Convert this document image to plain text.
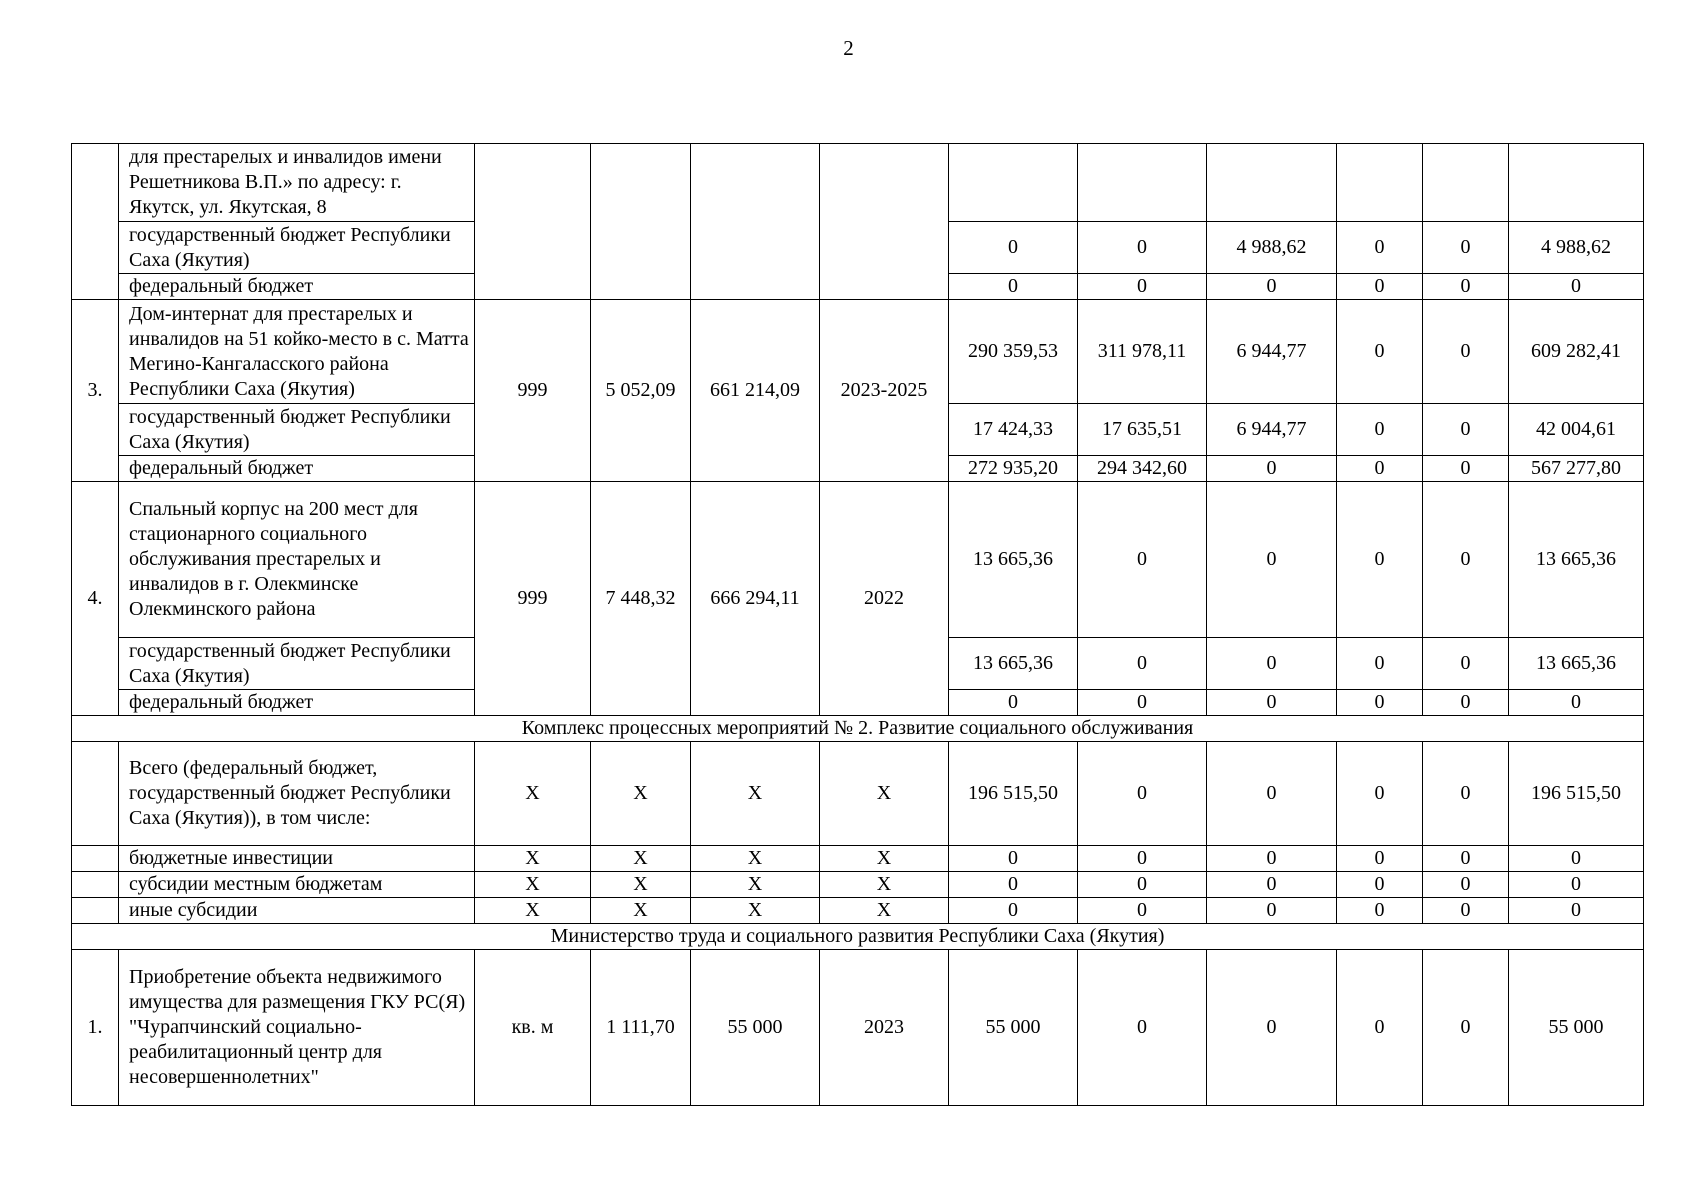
2
	для престарелых и инвалидов имени Решетникова В.П.» по адресу: г. Якутск, ул. Якутская, 8										
	государственный бюджет Республики Саха (Якутия)					0	0	4 988,62	0	0	4 988,62
	федеральный бюджет					0	0	0	0	0	0
3.	Дом-интернат для престарелых и инвалидов на 51 койко-место в с. Матта Мегино-Кангаласского района Республики Саха (Якутия)	999	5 052,09	661 214,09	2023-2025	290 359,53	311 978,11	6 944,77	0	0	609 282,41
	государственный бюджет Республики Саха (Якутия)					17 424,33	17 635,51	6 944,77	0	0	42 004,61
	федеральный бюджет					272 935,20	294 342,60	0	0	0	567 277,80
4.	Спальный корпус на 200 мест для стационарного социального обслуживания престарелых и инвалидов в г. Олекминске Олекминского района	999	7 448,32	666 294,11	2022	13 665,36	0	0	0	0	13 665,36
	государственный бюджет Республики Саха (Якутия)					13 665,36	0	0	0	0	13 665,36
	федеральный бюджет					0	0	0	0	0	0
Комплекс процессных мероприятий № 2. Развитие социального обслуживания											
	Всего (федеральный бюджет, государственный бюджет Республики Саха (Якутия)), в том числе:	Х	Х	Х	Х	196 515,50	0	0	0	0	196 515,50
	бюджетные инвестиции	Х	Х	Х	Х	0	0	0	0	0	0
	субсидии местным бюджетам	Х	Х	Х	Х	0	0	0	0	0	0
	иные субсидии	Х	Х	Х	Х	0	0	0	0	0	0
Министерство труда и социального развития Республики Саха (Якутия)											
1.	Приобретение объекта недвижимого имущества для размещения ГКУ РС(Я) "Чурапчинский социально-реабилитационный центр для несовершеннолетних"	кв. м	1 111,70	55 000	2023	55 000	0	0	0	0	55 000
